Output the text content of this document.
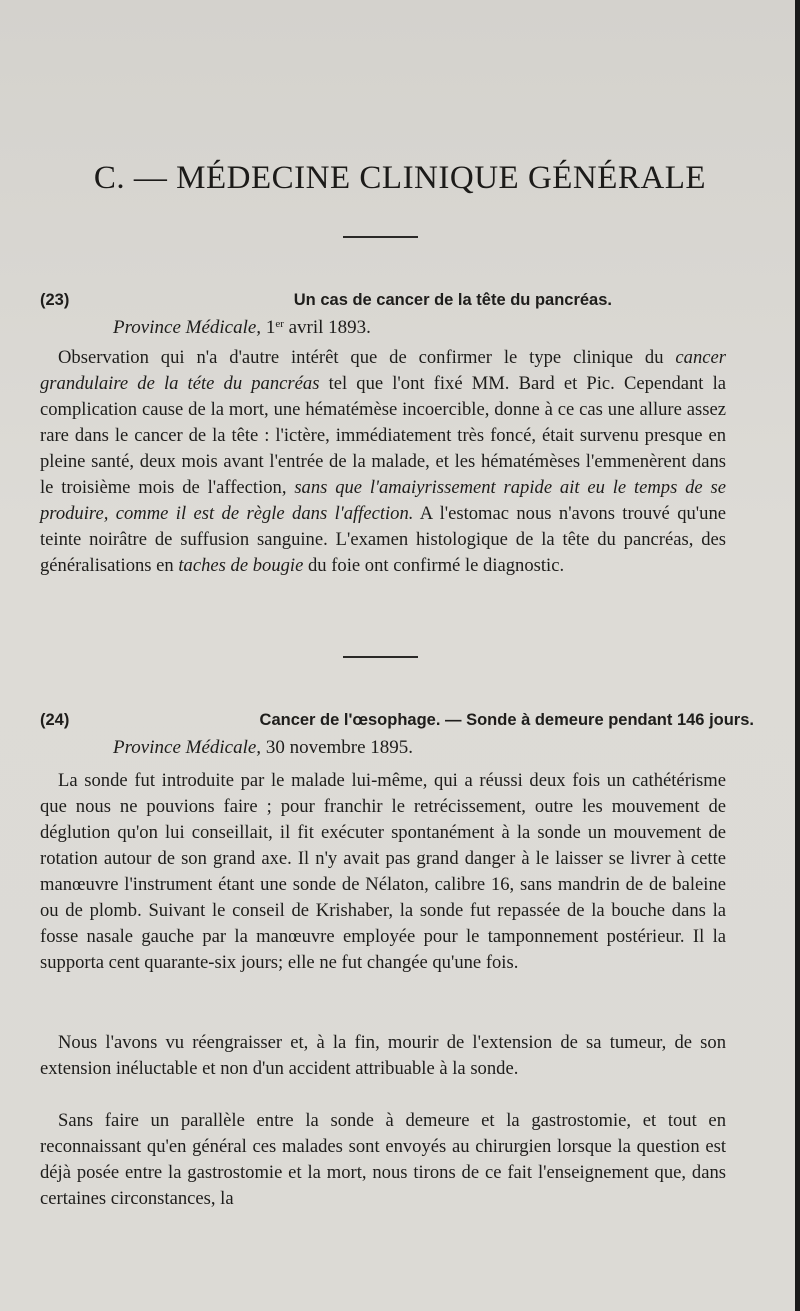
C. — MÉDECINE CLINIQUE GÉNÉRALE
(23)	Un cas de cancer de la tête du pancréas.
Province Médicale, 1er avril 1893.

Observation qui n'a d'autre intérêt que de confirmer le type clinique du cancer grandulaire de la téte du pancréas tel que l'ont fixé MM. Bard et Pic. Cependant la complication cause de la mort, une hématémèse incoercible, donne à ce cas une allure assez rare dans le cancer de la tête : l'ictère, immédiatement très foncé, était survenu presque en pleine santé, deux mois avant l'entrée de la malade, et les hématémèses l'emmenèrent dans le troisième mois de l'affection, sans que l'amaiyrissement rapide ait eu le temps de se produire, comme il est de règle dans l'affection. A l'estomac nous n'avons trouvé qu'une teinte noirâtre de suffusion sanguine. L'examen histologique de la tête du pancréas, des généralisations en taches de bougie du foie ont confirmé le diagnostic.

(24)	Cancer de l'œsophage. — Sonde à demeure pendant 146 jours.
Province Médicale, 30 novembre 1895.

La sonde fut introduite par le malade lui-même, qui a réussi deux fois un cathétérisme que nous ne pouvions faire ; pour franchir le retrécissement, outre les mouvement de déglution qu'on lui conseillait, il fit exécuter spontanément à la sonde un mouvement de rotation autour de son grand axe. Il n'y avait pas grand danger à le laisser se livrer à cette manœuvre l'instrument étant une sonde de Nélaton, calibre 16, sans mandrin de de baleine ou de plomb. Suivant le conseil de Krishaber, la sonde fut repassée de la bouche dans la fosse nasale gauche par la manœuvre employée pour le tamponnement postérieur. Il la supporta cent quarante-six jours; elle ne fut changée qu'une fois.

Nous l'avons vu réengraisser et, à la fin, mourir de l'extension de sa tumeur, de son extension inéluctable et non d'un accident attribuable à la sonde.

Sans faire un parallèle entre la sonde à demeure et la gastrostomie, et tout en reconnaissant qu'en général ces malades sont envoyés au chirurgien lorsque la question est déjà posée entre la gastrostomie et la mort, nous tirons de ce fait l'enseignement que, dans certaines circonstances, la
